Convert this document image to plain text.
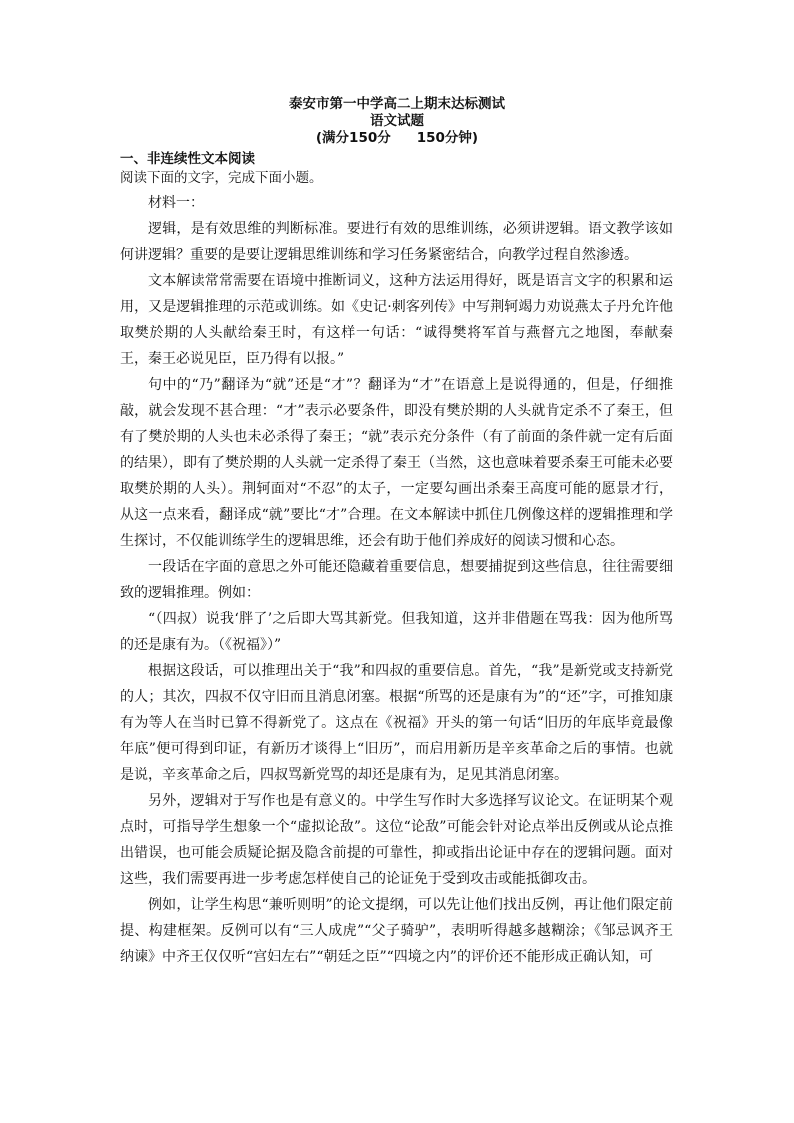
泰安市第一中学高二上期末达标测试
语文试题
(满分150分 150分钟)
一、非连续性文本阅读
阅读下面的文字，完成下面小题。

材料一：

逻辑，是有效思维的判断标准。要进行有效的思维训练，必须讲逻辑。语文教学该如何讲逻辑？重要的是要让逻辑思维训练和学习任务紧密结合，向教学过程自然渗透。

文本解读常常需要在语境中推断词义，这种方法运用得好，既是语言文字的积累和运用，又是逻辑推理的示范或训练。如《史记·刺客列传》中写荆轲竭力劝说燕太子丹允许他取樊於期的人头献给秦王时，有这样一句话：“诚得樊将军首与燕督亢之地图，奉献秦王，秦王必说见臣，臣乃得有以报。”

句中的“乃”翻译为“就”还是“才”？翻译为“才”在语意上是说得通的，但是，仔细推敲，就会发现不甚合理：“才”表示必要条件，即没有樊於期的人头就肯定杀不了秦王，但有了樊於期的人头也未必杀得了秦王；“就”表示充分条件（有了前面的条件就一定有后面的结果），即有了樊於期的人头就一定杀得了秦王（当然，这也意味着要杀秦王可能未必要取樊於期的人头）。荆轲面对“不忍”的太子，一定要勾画出杀秦王高度可能的愿景才行，从这一点来看，翻译成“就”要比“才”合理。在文本解读中抓住几例像这样的逻辑推理和学生探讨，不仅能训练学生的逻辑思维，还会有助于他们养成好的阅读习惯和心态。

一段话在字面的意思之外可能还隐藏着重要信息，想要捕捉到这些信息，往往需要细致的逻辑推理。例如：

“（四叔）说我‘胖了’之后即大骂其新党。但我知道，这并非借题在骂我：因为他所骂的还是康有为。（《祝福》）”

根据这段话，可以推理出关于“我”和四叔的重要信息。首先，“我”是新党或支持新党的人；其次，四叔不仅守旧而且消息闭塞。根据“所骂的还是康有为”的“还”字，可推知康有为等人在当时已算不得新党了。这点在《祝福》开头的第一句话“旧历的年底毕竟最像年底”便可得到印证，有新历才谈得上“旧历”，而启用新历是辛亥革命之后的事情。也就是说，辛亥革命之后，四叔骂新党骂的却还是康有为，足见其消息闭塞。

另外，逻辑对于写作也是有意义的。中学生写作时大多选择写议论文。在证明某个观点时，可指导学生想象一个“虚拟论敌”。这位“论敌”可能会针对论点举出反例或从论点推出错误，也可能会质疑论据及隐含前提的可靠性，抑或指出论证中存在的逻辑问题。面对这些，我们需要再进一步考虑怎样使自己的论证免于受到攻击或能抵御攻击。

例如，让学生构思“兼听则明”的论文提纲，可以先让他们找出反例，再让他们限定前提、构建框架。反例可以有“三人成虎”“父子骑驴”，表明听得越多越糊涂；《邹忌讽齐王纳谏》中齐王仅仅听“宫妇左右”“朝廷之臣”“四境之内”的评价还不能形成正确认知，可
